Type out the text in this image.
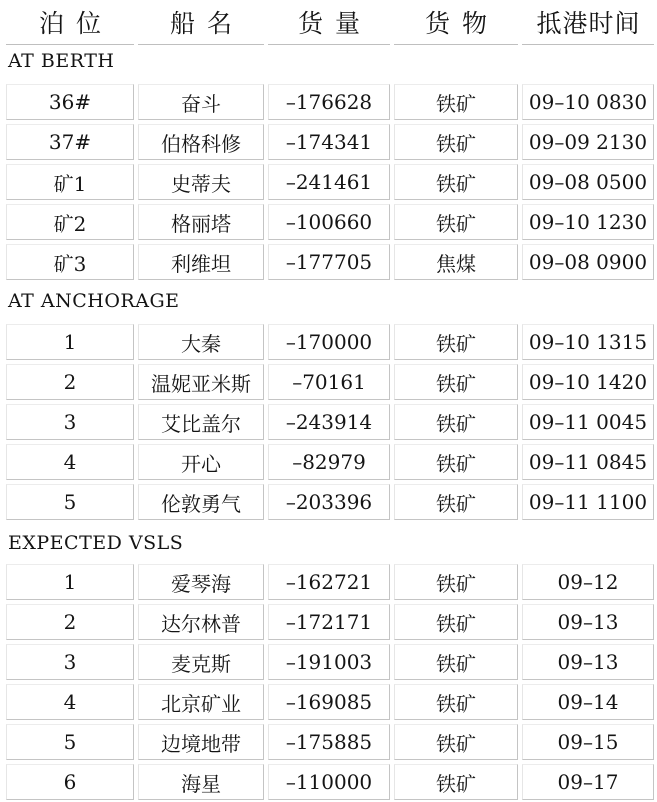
泊位 船名 货量 货物 抵港时间
AT BERTH
36#	奋斗	–176628	铁矿	09–10 0830
37#	伯格科修	–174341	铁矿	09–09 2130
矿1	史蒂夫	–241461	铁矿	09–08 0500
矿2	格丽塔	–100660	铁矿	09–10 1230
矿3	利维坦	–177705	焦煤	09–08 0900
AT ANCHORAGE
1	大秦	–170000	铁矿	09–10 1315
2	温妮亚米斯	–70161	铁矿	09–10 1420
3	艾比盖尔	–243914	铁矿	09–11 0045
4	开心	–82979	铁矿	09–11 0845
5	伦敦勇气	–203396	铁矿	09–11 1100
EXPECTED VSLS
1	爱琴海	–162721	铁矿	09–12
2	达尔林普	–172171	铁矿	09–13
3	麦克斯	–191003	铁矿	09–13
4	北京矿业	–169085	铁矿	09–14
5	边境地带	–175885	铁矿	09–15
6	海星	–110000	铁矿	09–17
